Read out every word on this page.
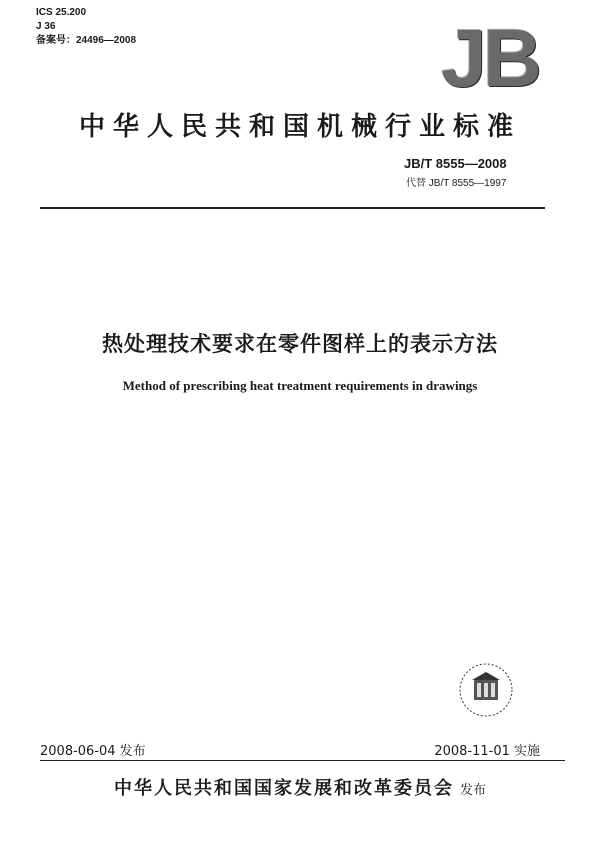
ICS 25.200
J 36
备案号：24496—2008	JB
中华人民共和国机械行业标准
JB/T 8555—2008
代替 JB/T 8555—1997
热处理技术要求在零件图样上的表示方法
Method of prescribing heat treatment requirements in drawings
2008-06-04 发布	2008-11-01 实施
中华人民共和国国家发展和改革委员会 发布
